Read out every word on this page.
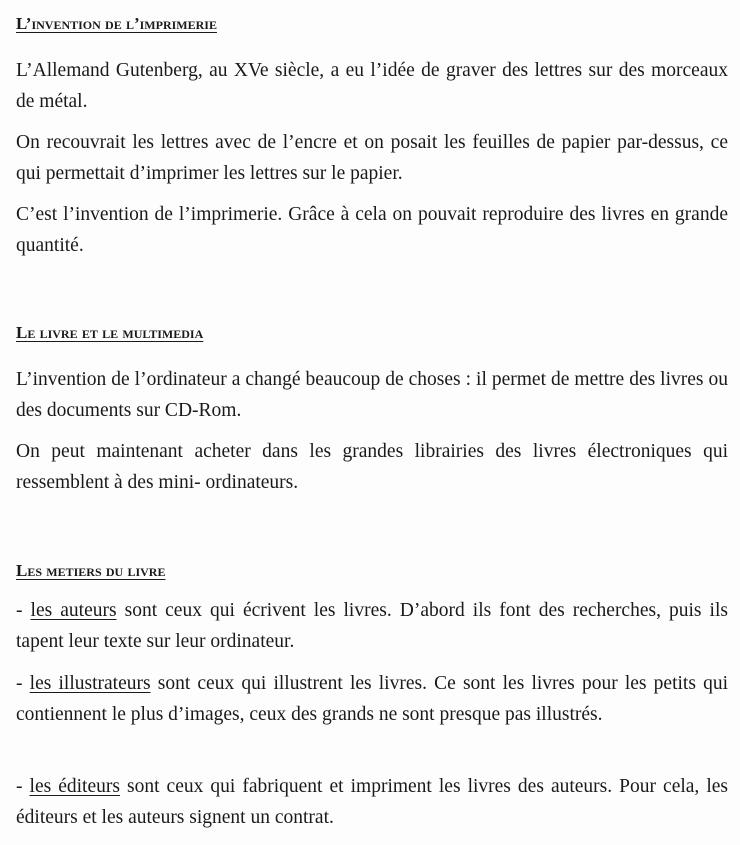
L’invention de l’imprimerie

L’Allemand Gutenberg, au XVe siècle, a eu l’idée de graver des lettres sur des morceaux de métal.

On recouvrait les lettres avec de l’encre et on posait les feuilles de papier par-dessus, ce qui permettait d’imprimer les lettres sur le papier.

C’est l’invention de l’imprimerie. Grâce à cela on pouvait reproduire des livres en grande quantité.

Le livre et le multimedia

L’invention de l’ordinateur a changé beaucoup de choses : il permet de mettre des livres ou des documents sur CD-Rom.

On peut maintenant acheter dans les grandes librairies des livres électroniques qui ressemblent à des mini- ordinateurs.

Les metiers du livre

- les auteurs sont ceux qui écrivent les livres. D’abord ils font des recherches, puis ils tapent leur texte sur leur ordinateur.

- les illustrateurs sont ceux qui illustrent les livres. Ce sont les livres pour les petits qui contiennent le plus d’images, ceux des grands ne sont presque pas illustrés.

- les éditeurs sont ceux qui fabriquent et impriment les livres des auteurs. Pour cela, les éditeurs et les auteurs signent un contrat.
